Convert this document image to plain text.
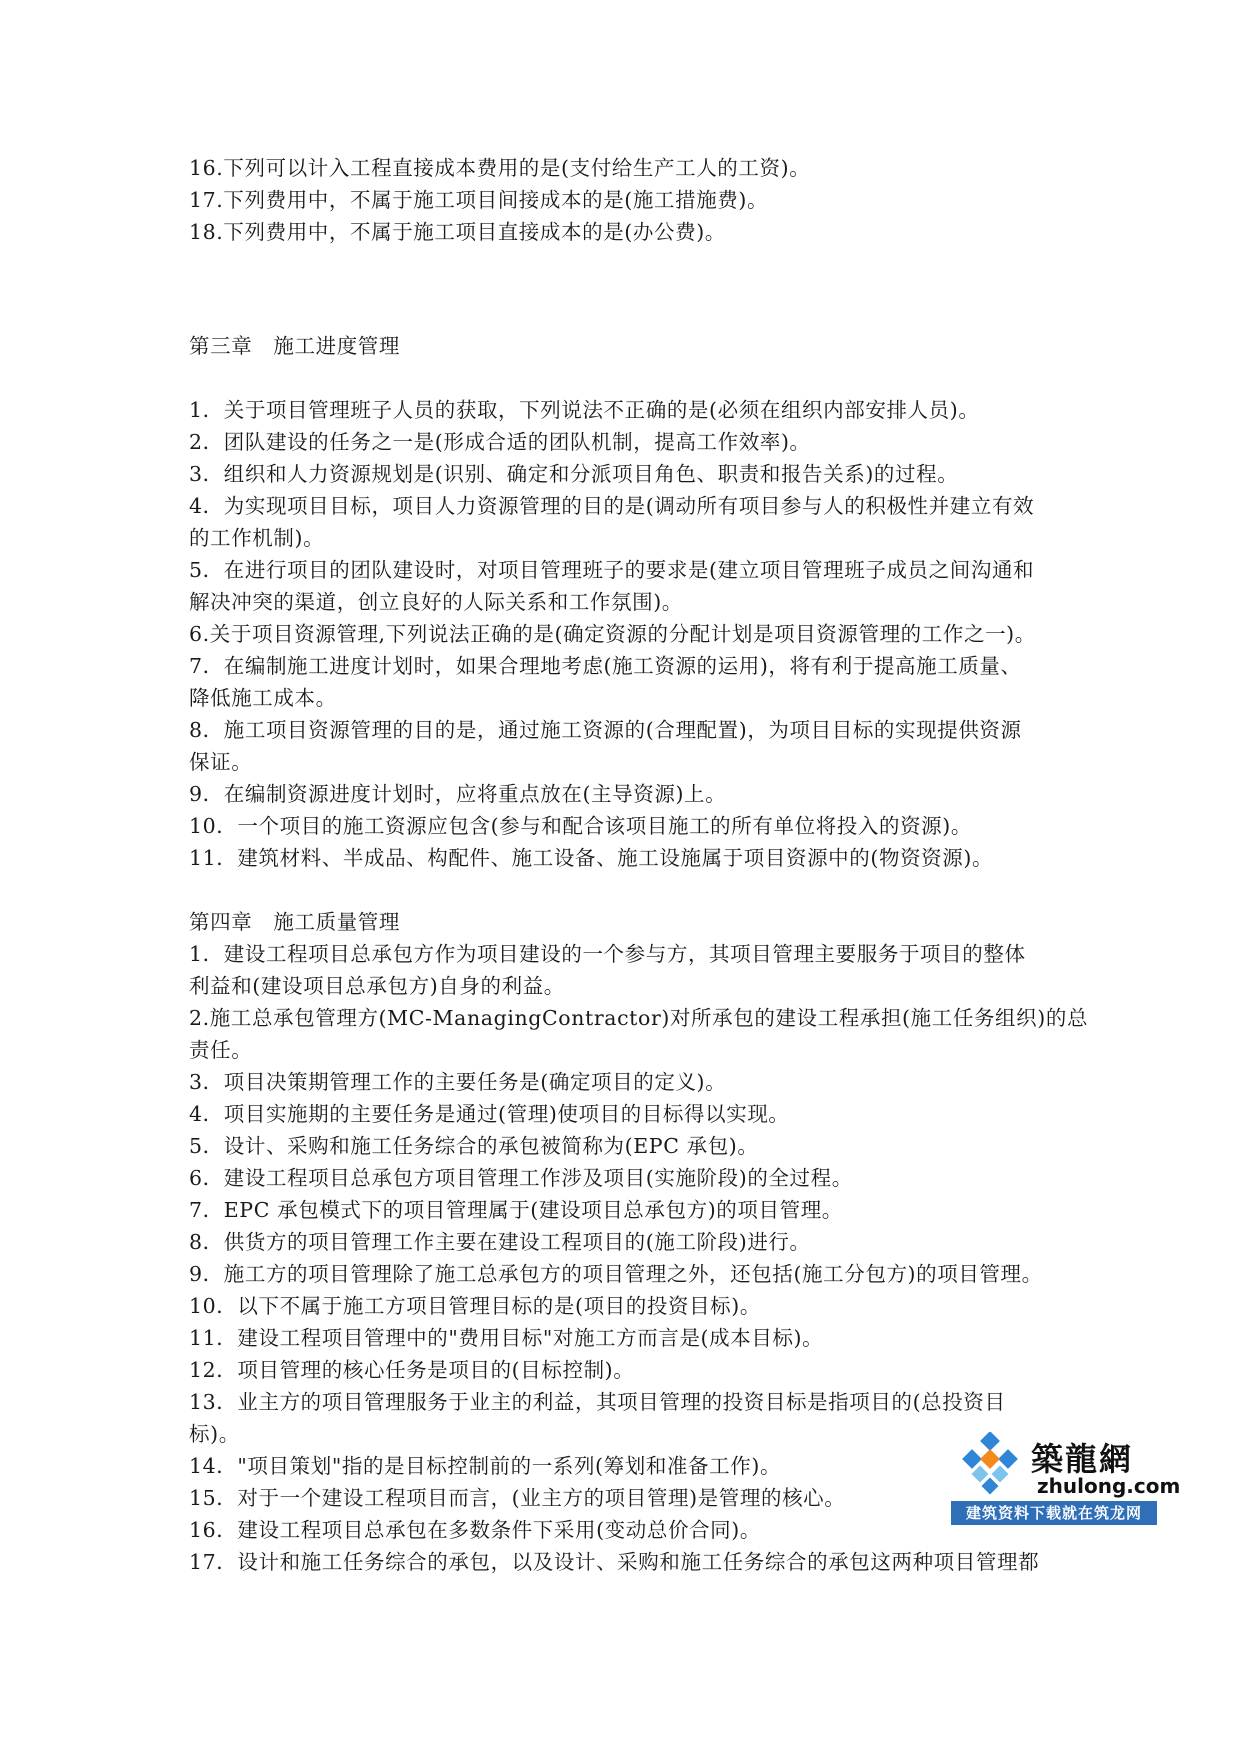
16.下列可以计入工程直接成本费用的是(支付给生产工人的工资)。
17.下列费用中，不属于施工项目间接成本的是(施工措施费)。
18.下列费用中，不属于施工项目直接成本的是(办公费)。
第三章　施工进度管理
1．关于项目管理班子人员的获取，下列说法不正确的是(必须在组织内部安排人员)。
2．团队建设的任务之一是(形成合适的团队机制，提高工作效率)。
3．组织和人力资源规划是(识别、确定和分派项目角色、职责和报告关系)的过程。
4．为实现项目目标，项目人力资源管理的目的是(调动所有项目参与人的积极性并建立有效
的工作机制)。
5．在进行项目的团队建设时，对项目管理班子的要求是(建立项目管理班子成员之间沟通和
解决冲突的渠道，创立良好的人际关系和工作氛围)。
6.关于项目资源管理,下列说法正确的是(确定资源的分配计划是项目资源管理的工作之一)。
7．在编制施工进度计划时，如果合理地考虑(施工资源的运用)，将有利于提高施工质量、
降低施工成本。
8．施工项目资源管理的目的是，通过施工资源的(合理配置)，为项目目标的实现提供资源
保证。
9．在编制资源进度计划时，应将重点放在(主导资源)上。
10．一个项目的施工资源应包含(参与和配合该项目施工的所有单位将投入的资源)。
11．建筑材料、半成品、构配件、施工设备、施工设施属于项目资源中的(物资资源)。
第四章　施工质量管理
1．建设工程项目总承包方作为项目建设的一个参与方，其项目管理主要服务于项目的整体
利益和(建设项目总承包方)自身的利益。
2.施工总承包管理方(MC-ManagingContractor)对所承包的建设工程承担(施工任务组织)的总
责任。
3．项目决策期管理工作的主要任务是(确定项目的定义)。
4．项目实施期的主要任务是通过(管理)使项目的目标得以实现。
5．设计、采购和施工任务综合的承包被简称为(EPC 承包)。
6．建设工程项目总承包方项目管理工作涉及项目(实施阶段)的全过程。
7．EPC 承包模式下的项目管理属于(建设项目总承包方)的项目管理。
8．供货方的项目管理工作主要在建设工程项目的(施工阶段)进行。
9．施工方的项目管理除了施工总承包方的项目管理之外，还包括(施工分包方)的项目管理。
10．以下不属于施工方项目管理目标的是(项目的投资目标)。
11．建设工程项目管理中的"费用目标"对施工方而言是(成本目标)。
12．项目管理的核心任务是项目的(目标控制)。
13．业主方的项目管理服务于业主的利益，其项目管理的投资目标是指项目的(总投资目
标)。
14．"项目策划"指的是目标控制前的一系列(筹划和准备工作)。
15．对于一个建设工程项目而言，(业主方的项目管理)是管理的核心。
16．建设工程项目总承包在多数条件下采用(变动总价合同)。
17．设计和施工任务综合的承包，以及设计、采购和施工任务综合的承包这两种项目管理都
築龍網
zhulong.com
建筑资料下载就在筑龙网
